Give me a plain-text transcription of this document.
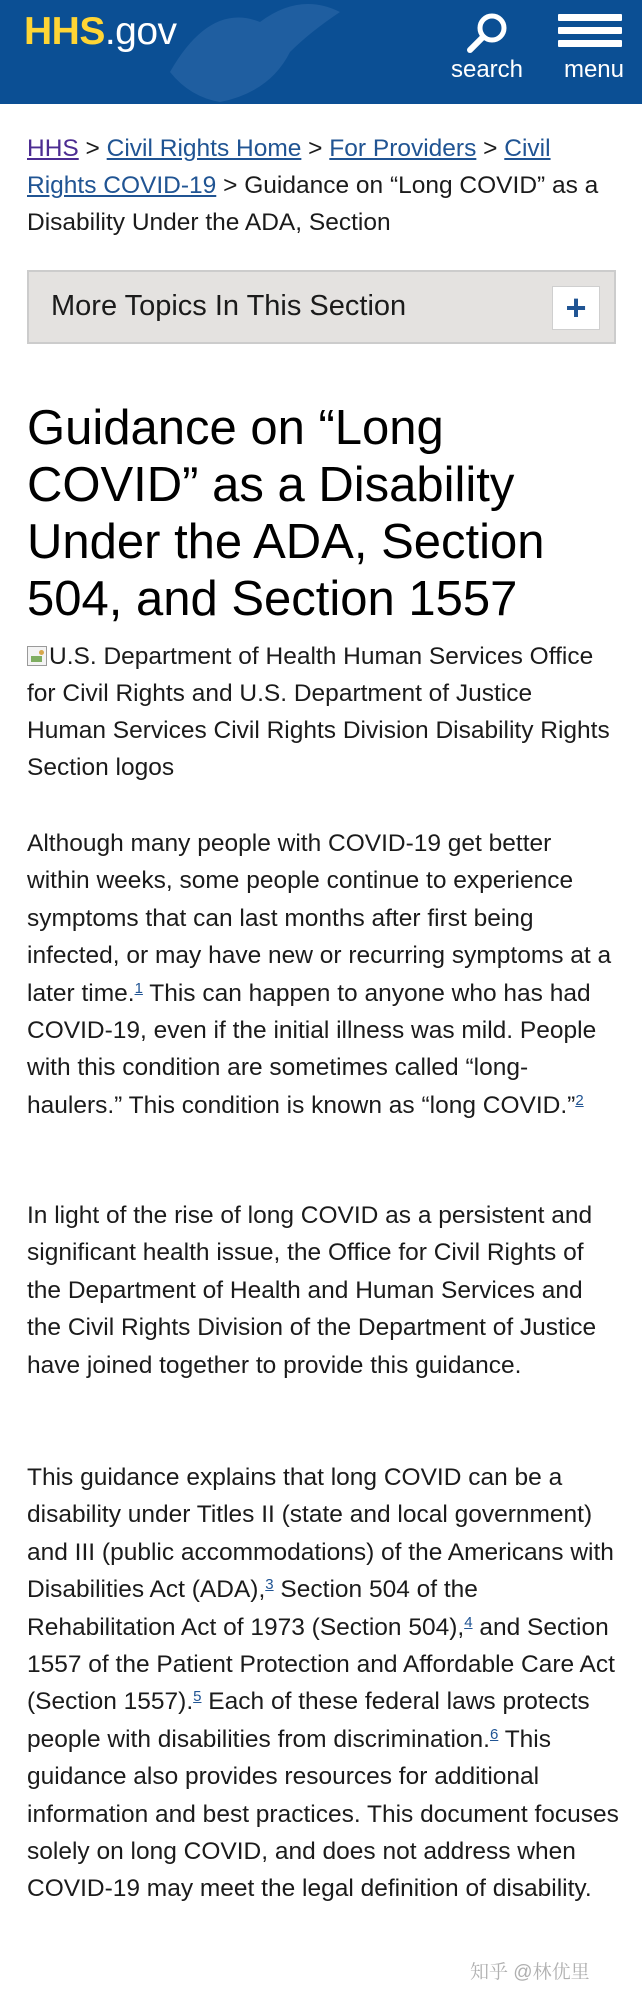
HHS.gov
search	menu
HHS > Civil Rights Home > For Providers > Civil Rights COVID-19 > Guidance on “Long COVID” as a Disability Under the ADA, Section
More Topics In This Section	+
Guidance on “Long COVID” as a Disability Under the ADA, Section 504, and Section 1557
U.S. Department of Health Human Services Office for Civil Rights and U.S. Department of Justice Human Services Civil Rights Division Disability Rights Section logos

Although many people with COVID-19 get better within weeks, some people continue to experience symptoms that can last months after first being infected, or may have new or recurring symptoms at a later time.$^1$ This can happen to anyone who has had COVID-19, even if the initial illness was mild. People with this condition are sometimes called “long-haulers.” This condition is known as “long COVID.”$^2$

In light of the rise of long COVID as a persistent and significant health issue, the Office for Civil Rights of the Department of Health and Human Services and the Civil Rights Division of the Department of Justice have joined together to provide this guidance.

This guidance explains that long COVID can be a disability under Titles II (state and local government) and III (public accommodations) of the Americans with Disabilities Act (ADA),$^3$ Section 504 of the Rehabilitation Act of 1973 (Section 504),$^4$ and Section 1557 of the Patient Protection and Affordable Care Act (Section 1557).$^5$ Each of these federal laws protects people with disabilities from discrimination.$^6$ This guidance also provides resources for additional information and best practices. This document focuses solely on long COVID, and does not address when COVID-19 may meet the legal definition of disability.

知乎 @林优里
